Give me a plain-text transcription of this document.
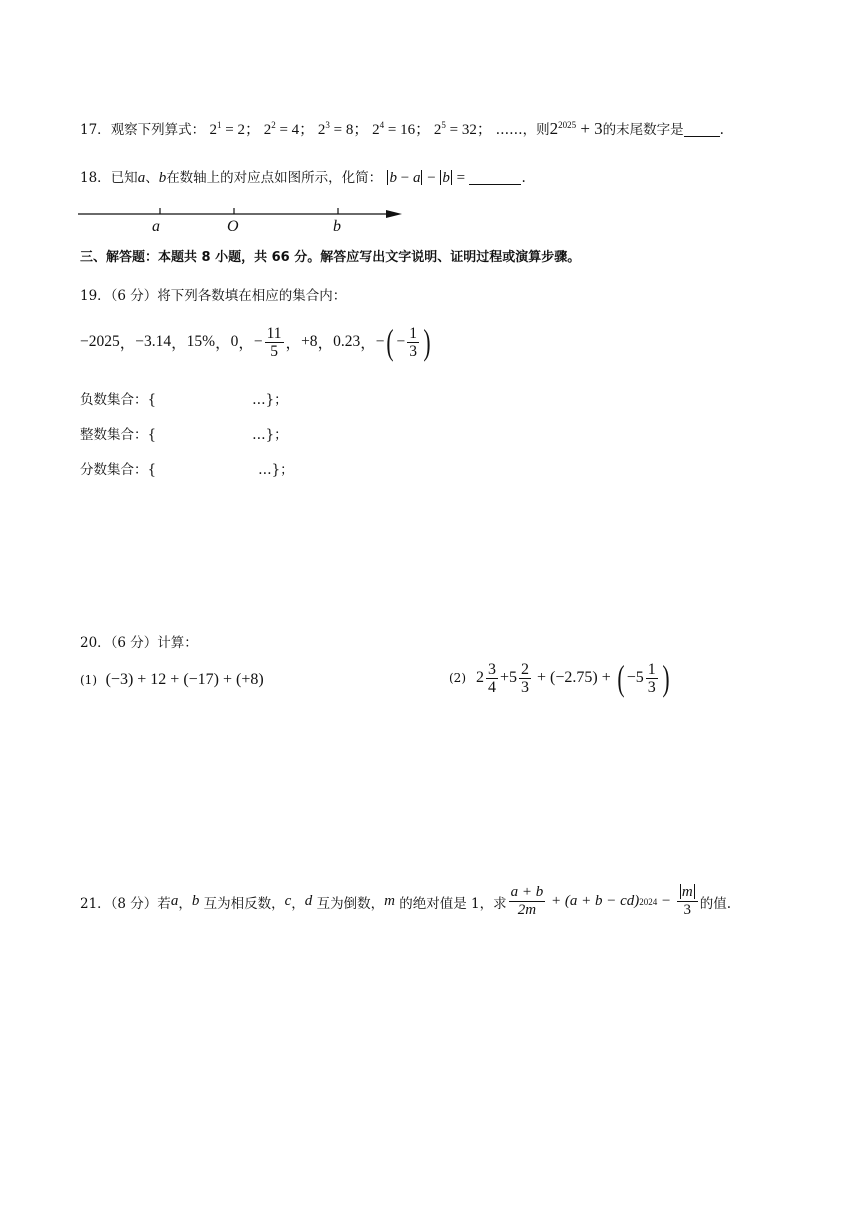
17．观察下列算式： $2^1 = 2$； $2^2 = 4$； $2^3 = 8$； $2^4 = 16$； $2^5 = 32$； ……，则$2^{2025} + 3$的末尾数字是	.
18．已知a、b在数轴上的对应点如图所示，化简： b − a − b =	.
a	O	b
三、解答题：本题共 8 小题，共 66 分。解答应写出文字说明、证明过程或演算步骤。
19．（6 分）将下列各数填在相应的集合内：
−2025 ， −3.14 ， 15% ， 0 ， − $\frac{11}{5}$ ， +8 ， 0.23 ， − ( − $\frac{1}{3}$ )
负数集合：{	…}；
整数集合：{	…}；
分数集合：{	…}；
20．（6 分）计算：
(1) (−3) + 12 + (−17) + (+8)	(2) $2 \frac{3}{4} + 5 \frac{2}{3} + (-2.75)$ + ( $-5 \frac{1}{3}$ )
21．（8 分）若 a ， b
互为相反数， c ， d
互为倒数， m
的绝对值是 1，求 $\frac{a + b}{2m} + (a + b - cd) 2024 - \frac{m}{3}$ 的值.
